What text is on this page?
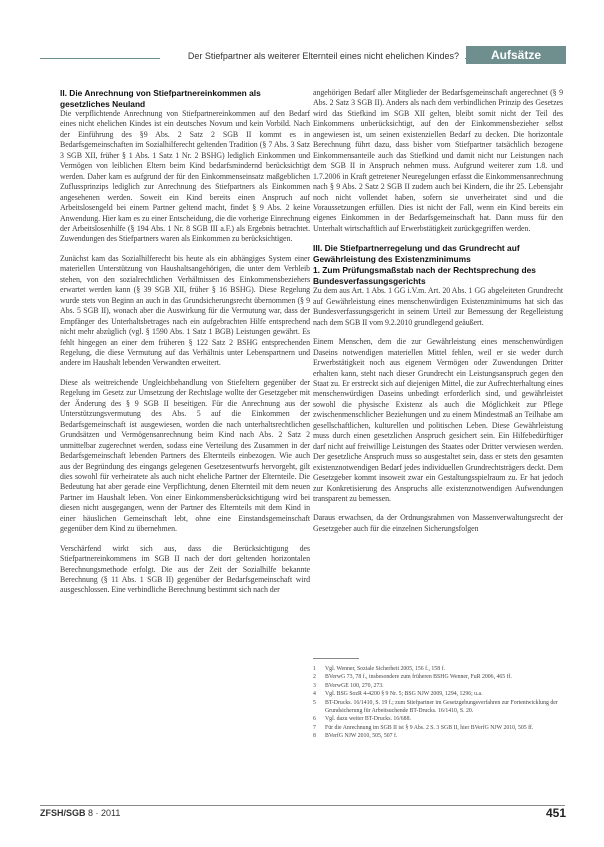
Der Stiefpartner als weiterer Elternteil eines nicht ehelichen Kindes?	Aufsätze
II. Die Anrechnung von Stiefpartnereinkommen als gesetzliches Neuland

Die verpflichtende Anrechnung von Stiefpartnereinkommen auf den Bedarf eines nicht ehelichen Kindes ist ein deutsches Novum und kein Vorbild. Nach der Einführung des §9 Abs. 2 Satz 2 SGB II kommt es in Bedarfsgemeinschaften im Sozialhilferecht geltenden Tradition (§ 7 Abs. 3 Satz 3 SGB XII, früher § 1 Abs. 1 Satz 1 Nr. 2 BSHG) lediglich Einkommen und Vermögen von leiblichen Eltern beim Kind bedarfsmindernd berücksichtigt werden. Daher kam es aufgrund der für den Einkommenseinsatz maßgeblichen Zuflussprinzips lediglich zur Anrechnung des Stiefpartners als Einkommen angesehenen werden. Soweit ein Kind bereits einen Anspruch auf Arbeitslosengeld bei einem Partner geltend macht, findet § 9 Abs. 2 keine Anwendung. Hier kam es zu einer Entscheidung, die die vorherige Einrechnung der Arbeitslosenhilfe (§ 194 Abs. 1 Nr. 8 SGB III a.F.) als Ergebnis betrachtet. Zuwendungen des Stiefpartners waren als Einkommen zu berücksichtigen.

Zunächst kam das Sozialhilferecht bis heute als ein abhängiges System einer materiellen Unterstützung von Haushaltsangehörigen, die unter dem Verbleib stehen, von den sozialrechtlichen Verhältnissen des Einkommensbeziehers erwartet werden kann (§ 39 SGB XII, früher § 16 BSHG). Diese Regelung wurde stets von Beginn an auch in das Grundsicherungsrecht übernommen (§ 9 Abs. 5 SGB II), wonach aber die Auswirkung für die Vermutung war, dass der Empfänger des Unterhaltsbetrages nach ein aufgebrachten Hilfe entsprechend nicht mehr abzüglich (vgl. § 1590 Abs. 1 Satz 1 BGB) Leistungen gewährt. Es fehlt hingegen an einer dem früheren § 122 Satz 2 BSHG entsprechenden Regelung, die diese Vermutung auf das Verhältnis unter Lebenspartnern und andere im Haushalt lebenden Verwandten erweitert.

Diese als weitreichende Ungleichbehandlung von Stiefeltern gegenüber der Regelung im Gesetz zur Umsetzung der Rechtslage wollte der Gesetzgeber mit der Änderung des § 9 SGB II beseitigen. Für die Anrechnung aus der Unterstützungsvermutung des Abs. 5 auf die Einkommen der Bedarfsgemeinschaft ist ausgewiesen, worden die nach unterhaltsrechtlichen Grundsätzen und Vermögensanrechnung beim Kind nach Abs. 2 Satz 2 unmittelbar zugerechnet werden, sodass eine Verteilung des Zusammen in der Bedarfsgemeinschaft lebenden Partners des Elternteils einbezogen. Wie auch aus der Begründung des eingangs gelegenen Gesetzesentwurfs hervorgeht, gilt dies sowohl für verheiratete als auch nicht eheliche Partner der Elternteile. Die Bedeutung hat aber gerade eine Verpflichtung, denen Elternteil mit dem neuen Partner im Haushalt leben. Von einer Einkommensberücksichtigung wird bei diesen nicht ausgegangen, wenn der Partner des Elternteils mit dem Kind in einer häuslichen Gemeinschaft lebt, ohne eine Einstandsgemeinschaft gegenüber dem Kind zu übernehmen.

Verschärfend wirkt sich aus, dass die Berücksichtigung des Stiefpartnereinkommens im SGB II nach der dort geltenden horizontalen Berechnungsmethode erfolgt. Die aus der Zeit der Sozialhilfe bekannte Berechnung (§ 11 Abs. 1 SGB II) gegenüber der Bedarfsgemeinschaft wird ausgeschlossen. Eine verbindliche Berechnung bestimmt sich nach der

angehörigen Bedarf aller Mitglieder der Bedarfsgemeinschaft angerechnet (§ 9 Abs. 2 Satz 3 SGB II). Anders als nach dem verbindlichen Prinzip des Gesetzes wird das Stiefkind im SGB XII gelten, bleibt somit nicht der Teil des Einkommens unberücksichtigt, auf den der Einkommensbezieher selbst angewiesen ist, um seinen existenziellen Bedarf zu decken. Die horizontale Berechnung führt dazu, dass bisher vom Stiefpartner tatsächlich bezogene Einkommensanteile auch das Stiefkind und damit nicht nur Leistungen nach dem SGB II in Anspruch nehmen muss. Aufgrund weiterer zum 1.8. und 1.7.2006 in Kraft getretener Neuregelungen erfasst die Einkommensanrechnung nach § 9 Abs. 2 Satz 2 SGB II zudem auch bei Kindern, die ihr 25. Lebensjahr noch nicht vollendet haben, sofern sie unverheiratet sind und die Voraussetzungen erfüllen. Dies ist nicht der Fall, wenn ein Kind bereits ein eigenes Einkommen in der Bedarfsgemeinschaft hat. Dann muss für den Unterhalt wirtschaftlich auf Erwerbstätigkeit zurückgegriffen werden.

III. Die Stiefpartnerregelung und das Grundrecht auf Gewährleistung des Existenzminimums
1. Zum Prüfungsmaßstab nach der Rechtsprechung des Bundesverfassungsgerichts

Zu dem aus Art. 1 Abs. 1 GG i.V.m. Art. 20 Abs. 1 GG abgeleiteten Grundrecht auf Gewährleistung eines menschenwürdigen Existenzminimums hat sich das Bundesverfassungsgericht in seinem Urteil zur Bemessung der Regelleistung nach dem SGB II vom 9.2.2010 grundlegend geäußert.

Einem Menschen, dem die zur Gewährleistung eines menschenwürdigen Daseins notwendigen materiellen Mittel fehlen, weil er sie weder durch Erwerbstätigkeit noch aus eigenem Vermögen oder Zuwendungen Dritter erhalten kann, steht nach dieser Grundrecht ein Leistungsanspruch gegen den Staat zu. Er erstreckt sich auf diejenigen Mittel, die zur Aufrechterhaltung eines menschenwürdigen Daseins unbedingt erforderlich sind, und gewährleistet sowohl die physische Existenz als auch die Möglichkeit zur Pflege zwischenmenschlicher Beziehungen und zu einem Mindestmaß an Teilhabe am gesellschaftlichen, kulturellen und politischen Leben. Diese Gewährleistung muss durch einen gesetzlichen Anspruch gesichert sein. Ein Hilfebedürftiger darf nicht auf freiwillige Leistungen des Staates oder Dritter verwiesen werden. Der gesetzliche Anspruch muss so ausgestaltet sein, dass er stets den gesamten existenznotwendigen Bedarf jedes individuellen Grundrechtsträgers deckt. Dem Gesetzgeber kommt insoweit zwar ein Gestaltungsspielraum zu. Er hat jedoch zur Konkretisierung des Anspruchs alle existenznotwendigen Aufwendungen transparent zu bemessen.

Daraus erwachsen, da der Ordnungsrahmen von Massenverwaltungsrecht der Gesetzgeber auch für die einzelnen Sicherungsfolgen

1	Vgl. Wenner, Soziale Sicherheit 2005, 156 f., 158 f.
2	BVerwG 73, 78 f., insbesondere zum früheren BSHG Wenner, FuR 2006, 465 ff.
3	BVerwGE 100, 270, 273.
4	Vgl. BSG SozR 4-4200 § 9 Nr. 5; BSG NJW 2009, 1294, 1296; u.a.
5	BT-Drucks. 16/1410, S. 19 f.; zum Stiefpartner im Gesetzgebungsverfahren zur Fortentwicklung der Grundsicherung für Arbeitsuchende BT-Drucks. 16/1410, S. 20.
6	Vgl. dazu weiter BT-Drucks. 16/688.
7	Für die Anrechnung im SGB II ist § 9 Abs. 2 S. 3 SGB II, hier BVerfG NJW 2010, 505 ff.
8	BVerfG NJW 2010, 505, 507 f.
ZFSH/SGB 8 · 2011	451
